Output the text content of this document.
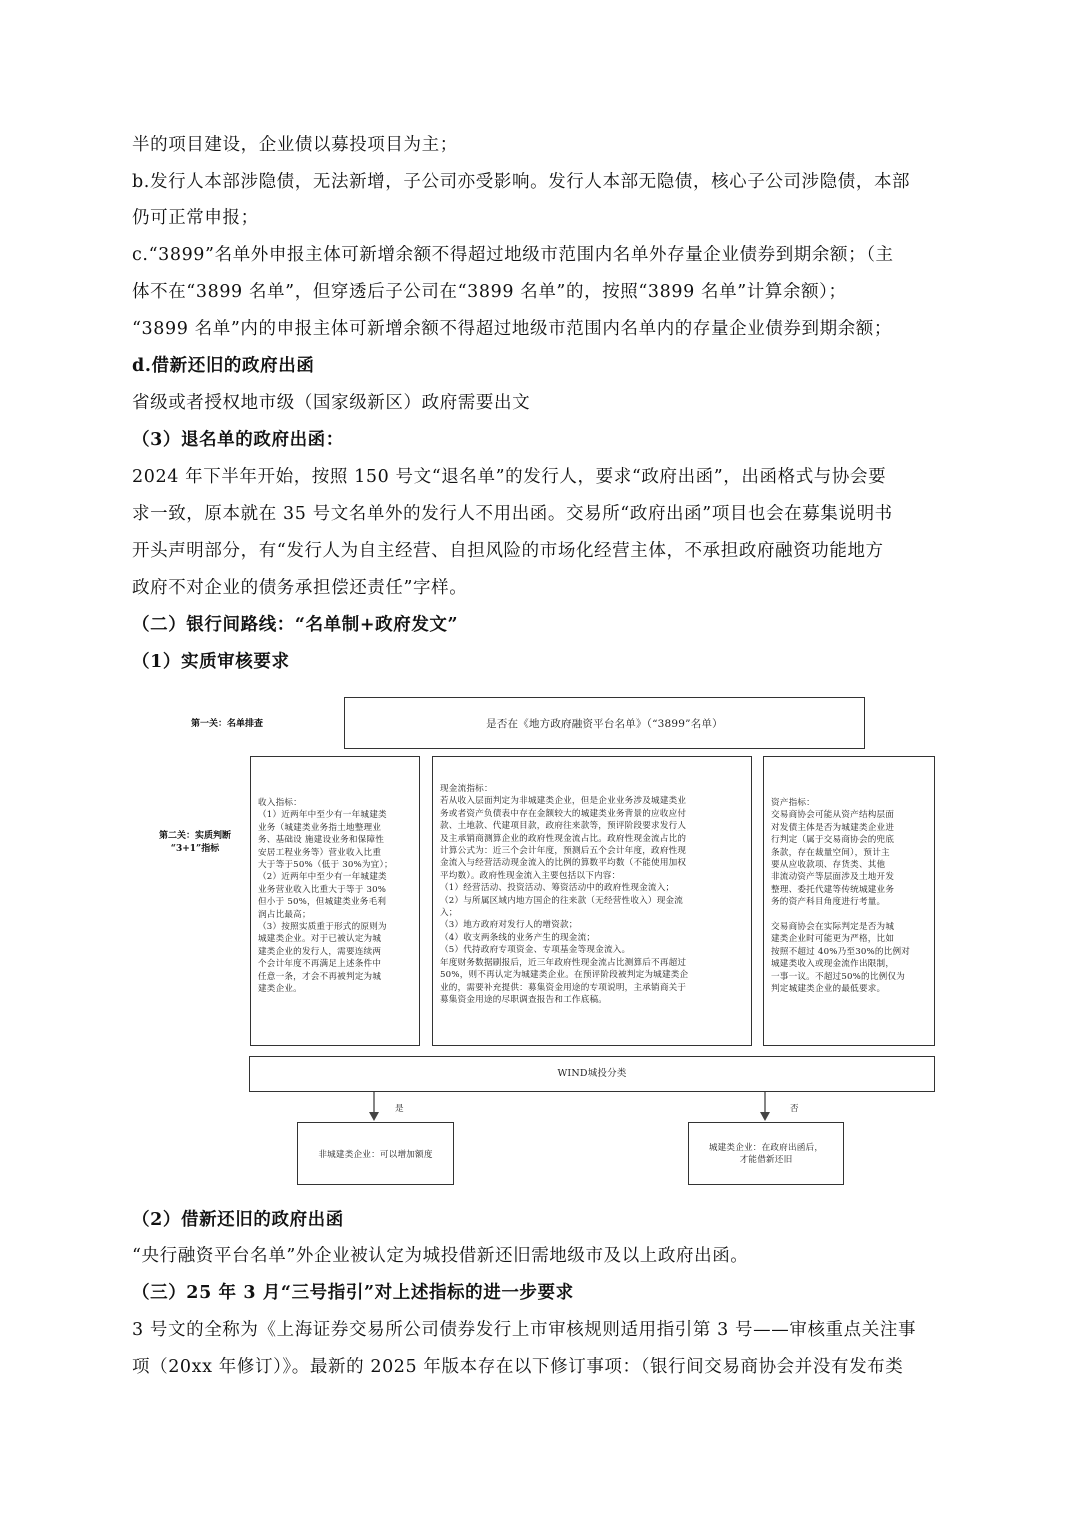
半的项目建设，企业债以募投项目为主；
b.发行人本部涉隐债，无法新增，子公司亦受影响。发行人本部无隐债，核心子公司涉隐债，本部
仍可正常申报；
c.“3899”名单外申报主体可新增余额不得超过地级市范围内名单外存量企业债券到期余额；（主
体不在“3899 名单”，但穿透后子公司在“3899 名单”的，按照“3899 名单”计算余额）；
“3899 名单”内的申报主体可新增余额不得超过地级市范围内名单内的存量企业债券到期余额；
d.借新还旧的政府出函
省级或者授权地市级（国家级新区）政府需要出文
（3）退名单的政府出函：
2024 年下半年开始，按照 150 号文“退名单”的发行人，要求“政府出函”，出函格式与协会要
求一致，原本就在 35 号文名单外的发行人不用出函。交易所“政府出函”项目也会在募集说明书
开头声明部分，有“发行人为自主经营、自担风险的市场化经营主体，不承担政府融资功能地方
政府不对企业的债务承担偿还责任”字样。
（二）银行间路线：“名单制+政府发文”
（1）实质审核要求
第一关：名单排查	是否在《地方政府融资平台名单》（“3899”名单）
第二关：实质判断
“3+1”指标
收入指标：
（1）近两年中至少有一年城建类
业务（城建类业务指土地整理业
务、基础设 施建设业务和保障性
安居工程业务等）营业收入比重
大于等于50%（低于 30%为宜）；
（2）近两年中至少有一年城建类
业务营业收入比重大于等于 30%
但小于 50%，但城建类业务毛利
润占比最高；
（3）按照实质重于形式的原则为
城建类企业。对于已被认定为城
建类企业的发行人，需要连续两
个会计年度不再满足上述条件中
任意一条，才会不再被判定为城
建类企业。
现金流指标：
若从收入层面判定为非城建类企业，但是企业业务涉及城建类业
务或者资产负债表中存在金额较大的城建类业务背景的应收应付
款、土地款、代建项目款，政府往来款等，预评阶段要求发行人
及主承销商测算企业的政府性现金流占比。政府性现金流占比的
计算公式为：近三个会计年度，预测后五个会计年度，政府性现
金流入与经营活动现金流入的比例的算数平均数（不能使用加权
平均数）。政府性现金流入主要包括以下内容：
（1）经营活动、投资活动、筹资活动中的政府性现金流入；
（2）与所属区域内地方国企的往来款（无经营性收入）现金流
入；
（3）地方政府对发行人的增资款；
（4）收支两条线的业务产生的现金流；
（5）代持政府专项资金、专项基金等现金流入。
年度财务数据刷报后，近三年政府性现金流占比测算后不再超过
50%，则不再认定为城建类企业。在预评阶段被判定为城建类企
业的，需要补充提供：募集资金用途的专项说明，主承销商关于
募集资金用途的尽职调查报告和工作底稿。
资产指标：
交易商协会可能从资产结构层面
对发债主体是否为城建类企业进
行判定（属于交易商协会的兜底
条款，存在裁量空间），预计主
要从应收款项、存货类、其他
非流动资产等层面涉及土地开发
整理、委托代建等传统城建业务
务的资产科目角度进行考量。

交易商协会在实际判定是否为城
建类企业时可能更为严格，比如
按照不超过 40%乃至30%的比例对
城建类收入或现金流作出限制，
一事一议。不超过50%的比例仅为
判定城建类企业的最低要求。
WIND城投分类
是	否
非城建类企业：可以增加额度
城建类企业：在政府出函后，
才能借新还旧
（2）借新还旧的政府出函
“央行融资平台名单”外企业被认定为城投借新还旧需地级市及以上政府出函。
（三）25 年 3 月“三号指引”对上述指标的进一步要求
3 号文的全称为《上海证券交易所公司债券发行上市审核规则适用指引第 3 号——审核重点关注事
项（20xx 年修订）》。最新的 2025 年版本存在以下修订事项：（银行间交易商协会并没有发布类
